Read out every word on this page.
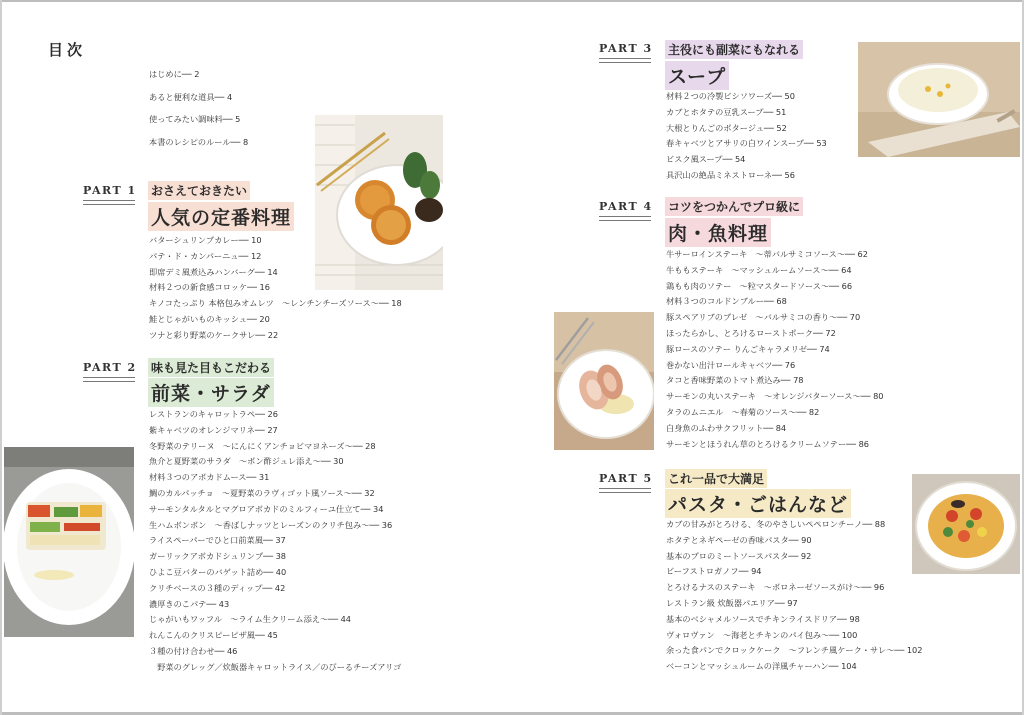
目次
はじめに── 2
あると便利な道具── 4
使ってみたい調味料── 5
本書のレシピのルール── 8
PART 1 おさえておきたい
人気の定番料理
バターシュリンプカレー── 10
パテ・ド・カンパーニュ── 12
即席デミ風煮込みハンバーグ── 14
材料２つの新食感コロッケ── 16
キノコたっぷり 本格包みオムレツ　～レンチンチーズソース～── 18
鮭とじゃがいものキッシュ── 20
ツナと彩り野菜のケークサレ── 22
PART 2 味も見た目もこだわる
前菜・サラダ
レストランのキャロットラペ── 26
紫キャベツのオレンジマリネ── 27
冬野菜のテリーヌ　～にんにくアンチョビマヨネーズ～── 28
魚介と夏野菜のサラダ　～ポン酢ジュレ添え～── 30
材料３つのアボカドムース── 31
鯛のカルパッチョ　～夏野菜のラヴィゴット風ソース～── 32
サーモンタルタルとマグロアボカドのミルフィーユ仕立て── 34
生ハムボンボン　～香ばしナッツとレーズンのクリチ包み～── 36
ライスペーパーでひと口前菜風── 37
ガーリックアボカドシュリンプ── 38
ひよこ豆バターのバゲット詰め── 40
クリチベースの３種のディップ── 42
濃厚きのこパテ── 43
じゃがいもワッフル　～ライム生クリーム添え～── 44
れんこんのクリスピーピザ風── 45
３種の付け合わせ── 46
　野菜のグレッグ／炊飯器キャロットライス／のびーるチーズアリゴ
PART 3 主役にも副菜にもなれる
スープ
材料２つの冷製ビシソワーズ── 50
カブとホタテの豆乳スープ── 51
大根とりんごのポタージュ── 52
春キャベツとアサリの白ワインスープ── 53
ビスク風スープ── 54
具沢山の絶品ミネストローネ── 56
PART 4 コツをつかんでプロ級に
肉・魚料理
牛サーロインステーキ　～蒂バルサミコソース～── 62
牛ももステーキ　～マッシュルームソース～── 64
鶏もも肉のソテー　～粒マスタードソース～── 66
材料３つのコルドンブルー── 68
豚スペアリブのプレゼ　～バルサミコの香り～── 70
ほったらかし、とろけるローストポーク── 72
豚ロースのソテー りんごキャラメリゼ── 74
巻かない出汁ロールキャベツ── 76
タコと香味野菜のトマト煮込み── 78
サーモンの丸いステーキ　～オレンジバターソース～── 80
タラのムニエル　～春菊のソース～── 82
白身魚のふわサクフリット── 84
サーモンとほうれん草のとろけるクリームソテー── 86
PART 5 これ一品で大満足
パスタ・ごはんなど
カブの甘みがとろける、冬のやさしいペペロンチーノ── 88
ホタテとネギペーゼの香味パスタ── 90
基本のプロのミートソースパスタ── 92
ビーフストロガノフ── 94
とろけるナスのステーキ　～ボロネーゼソースがけ～── 96
レストラン級 炊飯器パエリア── 97
基本のベシャメルソースでチキンライスドリア── 98
ヴォロヴァン　～海老とチキンのパイ包み～── 100
余った食パンでクロックケーク　～フレンチ風ケーク・サレ～── 102
ベーコンとマッシュルームの洋風チャーハン── 104
